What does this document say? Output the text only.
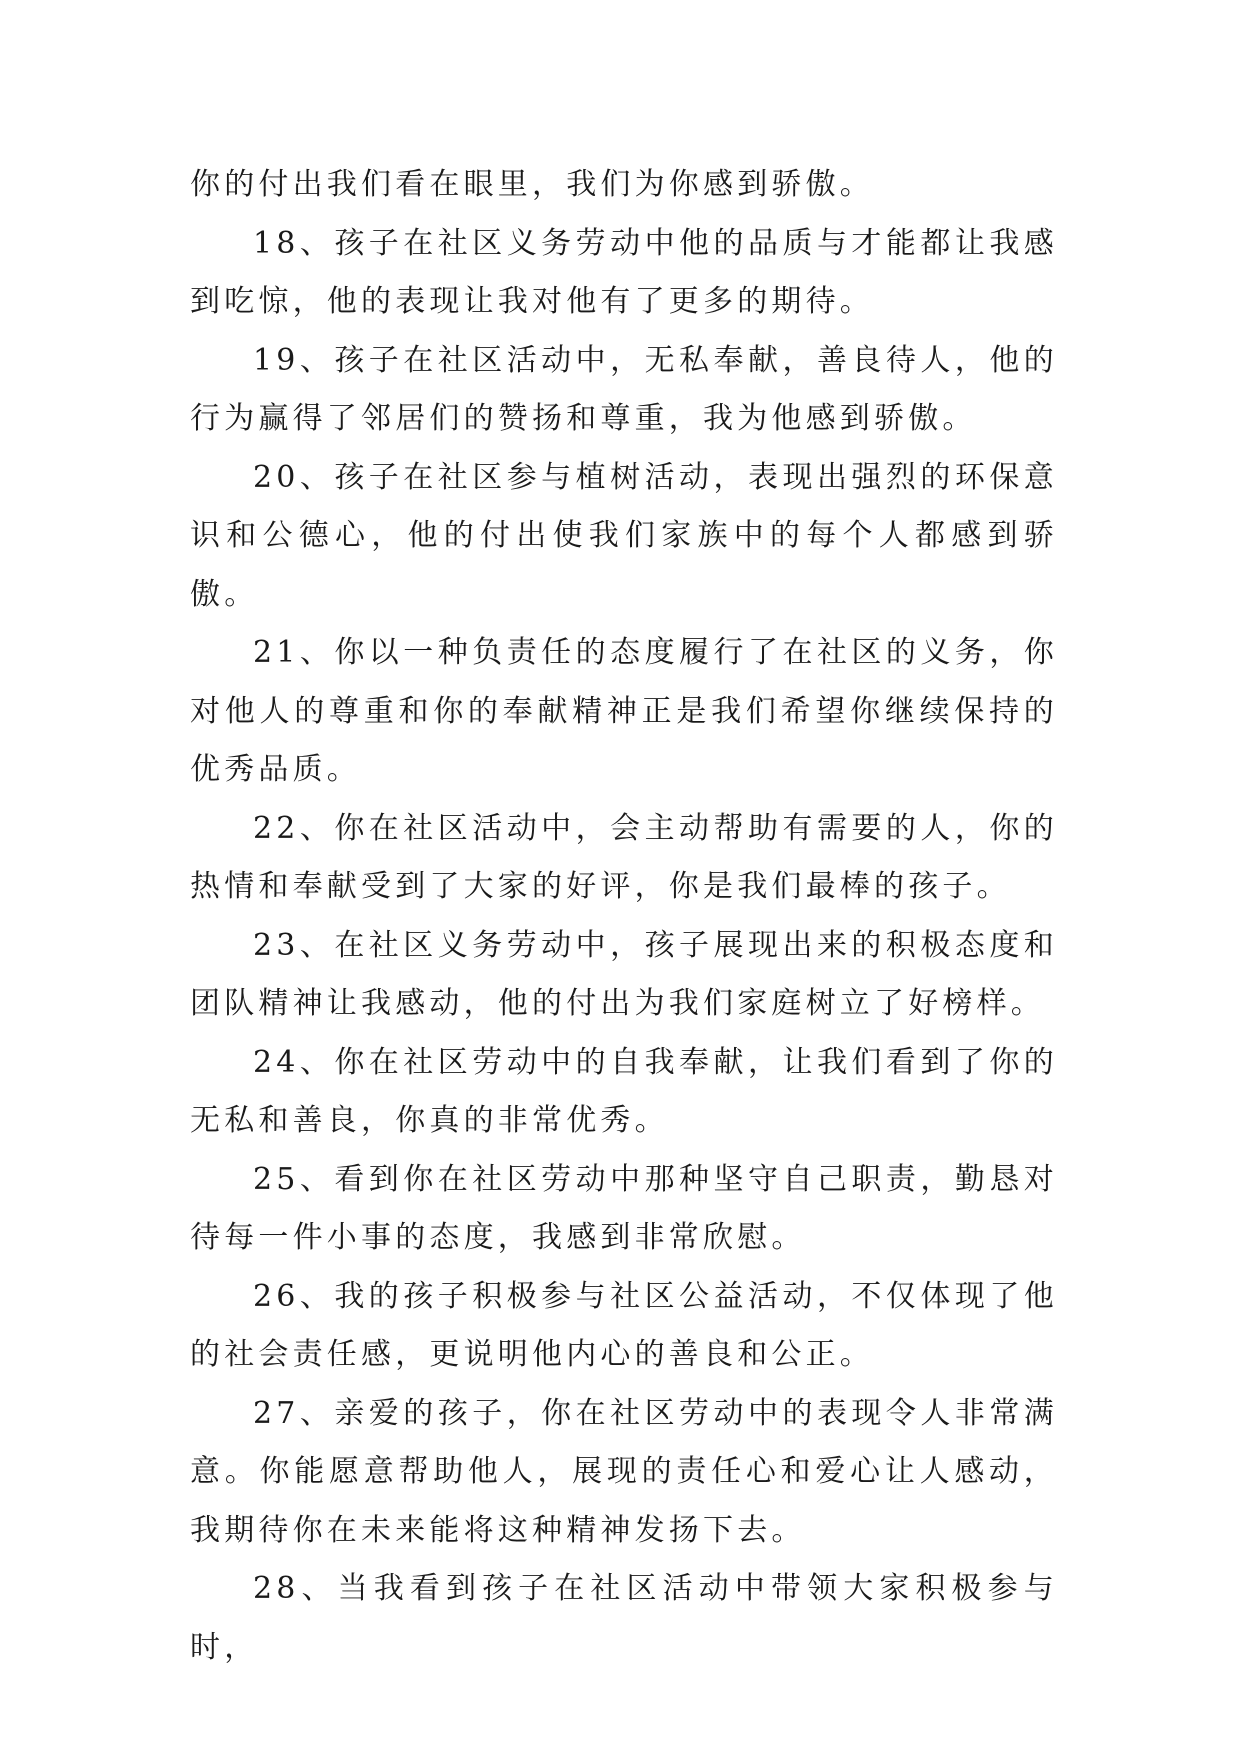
你的付出我们看在眼里，我们为你感到骄傲。

18、孩子在社区义务劳动中他的品质与才能都让我感到吃惊，他的表现让我对他有了更多的期待。

19、孩子在社区活动中，无私奉献，善良待人，他的行为赢得了邻居们的赞扬和尊重，我为他感到骄傲。

20、孩子在社区参与植树活动，表现出强烈的环保意识和公德心，他的付出使我们家族中的每个人都感到骄傲。

21、你以一种负责任的态度履行了在社区的义务，你对他人的尊重和你的奉献精神正是我们希望你继续保持的优秀品质。

22、你在社区活动中，会主动帮助有需要的人，你的热情和奉献受到了大家的好评，你是我们最棒的孩子。

23、在社区义务劳动中，孩子展现出来的积极态度和团队精神让我感动，他的付出为我们家庭树立了好榜样。

24、你在社区劳动中的自我奉献，让我们看到了你的无私和善良，你真的非常优秀。

25、看到你在社区劳动中那种坚守自己职责，勤恳对待每一件小事的态度，我感到非常欣慰。

26、我的孩子积极参与社区公益活动，不仅体现了他的社会责任感，更说明他内心的善良和公正。

27、亲爱的孩子，你在社区劳动中的表现令人非常满意。你能愿意帮助他人，展现的责任心和爱心让人感动，我期待你在未来能将这种精神发扬下去。

28、当我看到孩子在社区活动中带领大家积极参与时，
